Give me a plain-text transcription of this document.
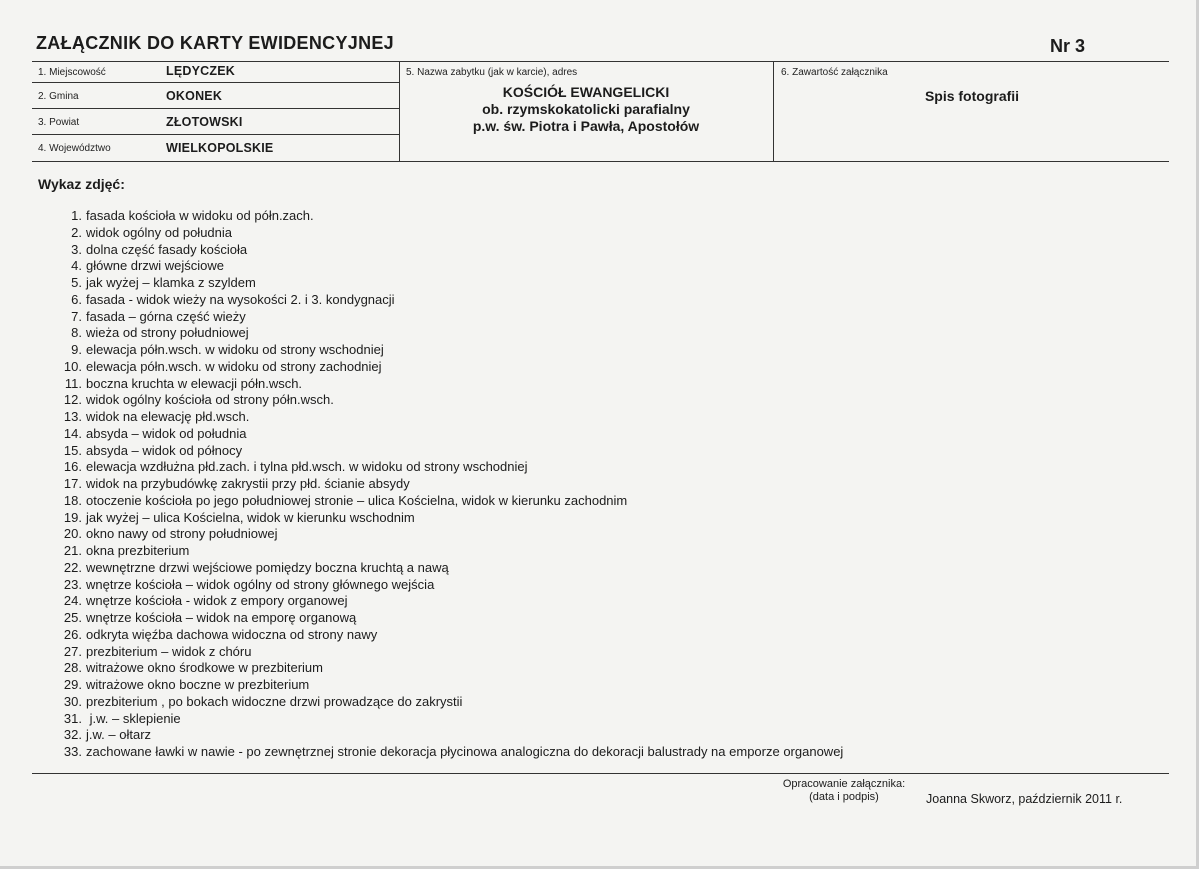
ZAŁĄCZNIK DO KARTY EWIDENCYJNEJ	Nr 3
1. Miejscowość	LĘDYCZEK
2. Gmina	OKONEK
3. Powiat	ZŁOTOWSKI
4. Województwo	WIELKOPOLSKIE
5. Nazwa zabytku (jak w karcie), adres
KOŚCIÓŁ EWANGELICKI
ob. rzymskokatolicki parafialny
p.w. św. Piotra i Pawła, Apostołów
6. Zawartość załącznika
Spis fotografii
Wykaz zdjęć:
1. fasada kościoła w widoku od półn.zach.
2. widok ogólny od południa
3. dolna część fasady kościoła
4. główne drzwi wejściowe
5. jak wyżej – klamka z szyldem
6. fasada - widok wieży na wysokości 2. i 3. kondygnacji
7. fasada – górna część wieży
8. wieża od strony południowej
9. elewacja półn.wsch. w widoku od strony wschodniej
10. elewacja półn.wsch. w widoku od strony zachodniej
11. boczna kruchta w elewacji półn.wsch.
12. widok ogólny kościoła od strony półn.wsch.
13. widok na elewację płd.wsch.
14. absyda – widok od południa
15. absyda – widok od północy
16. elewacja wzdłużna płd.zach. i tylna płd.wsch. w widoku od strony wschodniej
17. widok na przybudówkę zakrystii przy płd. ścianie absydy
18. otoczenie kościoła po jego południowej stronie – ulica Kościelna, widok w kierunku zachodnim
19. jak wyżej – ulica Kościelna, widok w kierunku wschodnim
20. okno nawy od strony południowej
21. okna prezbiterium
22. wewnętrzne drzwi wejściowe pomiędzy boczna kruchtą a nawą
23. wnętrze kościoła – widok ogólny od strony głównego wejścia
24. wnętrze kościoła - widok z empory organowej
25. wnętrze kościoła – widok na emporę organową
26. odkryta więźba dachowa widoczna od strony nawy
27. prezbiterium – widok z chóru
28. witrażowe okno środkowe w prezbiterium
29. witrażowe okno boczne w prezbiterium
30. prezbiterium , po bokach widoczne drzwi prowadzące do zakrystii
31. j.w. – sklepienie
32. j.w. – ołtarz
33. zachowane ławki w nawie - po zewnętrznej stronie dekoracja płycinowa analogiczna do dekoracji balustrady na emporze organowej
Opracowanie załącznika:
(data i podpis)	Joanna Skworz, październik 2011 r.
